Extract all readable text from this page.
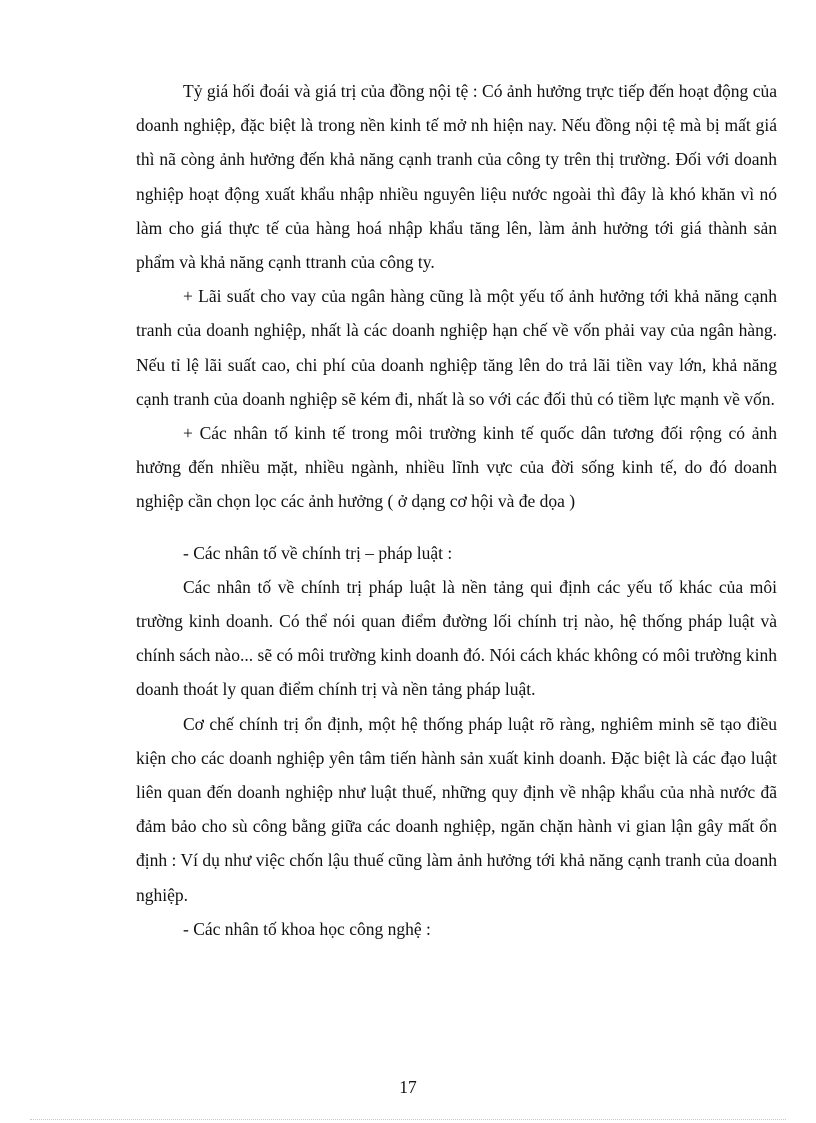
Tỷ giá hối đoái và giá trị của đồng nội tệ : Có ảnh hưởng trực tiếp đến hoạt động của doanh nghiệp, đặc biệt là trong nền kinh tế mở nh hiện nay. Nếu đồng nội tệ mà bị mất giá thì nã còng ảnh hưởng đến khả năng cạnh tranh của công ty trên thị trường. Đối với doanh nghiệp hoạt động xuất khẩu nhập nhiều nguyên liệu nước ngoài thì đây là khó khăn vì nó làm cho giá thực tế của hàng hoá nhập khẩu tăng lên, làm ảnh hưởng tới giá thành sản phẩm và khả năng cạnh ttranh của công ty.

+ Lãi suất cho vay của ngân hàng cũng là một yếu tố ảnh hưởng tới khả năng cạnh tranh của doanh nghiệp, nhất là các doanh nghiệp hạn chế về vốn phải vay của ngân hàng. Nếu tỉ lệ lãi suất cao, chi phí của doanh nghiệp tăng lên do trả lãi tiền vay lớn, khả năng cạnh tranh của doanh nghiệp sẽ kém đi, nhất là so với các đối thủ có tiềm lực mạnh về vốn.

+ Các nhân tố kinh tế trong môi trường kinh tế quốc dân tương đối rộng có ảnh hưởng đến nhiều mặt, nhiều ngành, nhiều lĩnh vực của đời sống kinh tế, do đó doanh nghiệp cần chọn lọc các ảnh hưởng ( ở dạng cơ hội và đe dọa )

- Các nhân tố về chính trị – pháp luật :

Các nhân tố về chính trị pháp luật là nền tảng qui định các yếu tố khác của môi trường kinh doanh. Có thể nói quan điểm đường lối chính trị nào, hệ thống pháp luật và chính sách nào... sẽ có môi trường kinh doanh đó. Nói cách khác không có môi trường kinh doanh thoát ly quan điểm chính trị và nền tảng pháp luật.

Cơ chế chính trị ổn định, một hệ thống pháp luật rõ ràng, nghiêm minh sẽ tạo điều kiện cho các doanh nghiệp yên tâm tiến hành sản xuất kinh doanh. Đặc biệt là các đạo luật liên quan đến doanh nghiệp như luật thuế, những quy định về nhập khẩu của nhà nước đã đảm bảo cho sù công bằng giữa các doanh nghiệp, ngăn chặn hành vi gian lận gây mất ổn định : Ví dụ như việc chốn lậu thuế cũng làm ảnh hưởng tới khả năng cạnh tranh của doanh nghiệp.

- Các nhân tố khoa học công nghệ :

17
